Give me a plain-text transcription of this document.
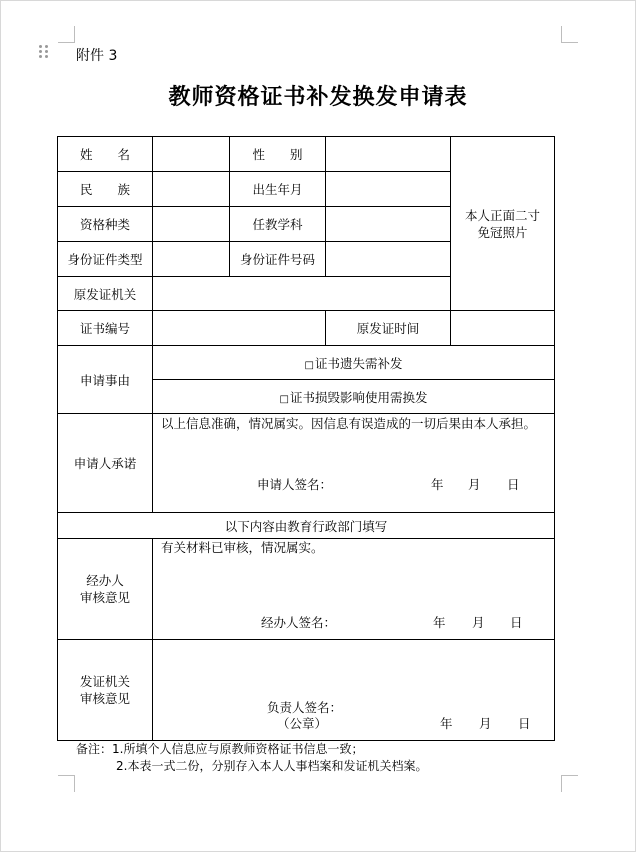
附件 3
教师资格证书补发换发申请表
姓　　名		性　　别		本人正面二寸
免冠照片

民　　族		出生年月		
资格种类		任教学科		
身份证件类型		身份证件号码		
原发证机关				
证书编号			原发证时间	
申请事由	□证书遗失需补发			
	□证书损毁影响使用需换发			
申请人承诺	以上信息准确，情况属实。因信息有误造成的一切后果由本人承担。
申请人签名： 年 月 日			

以下内容由教育行政部门填写				

经办人
审核意见	有关材料已审核，情况属实。
经办人签名： 年 月 日			

发证机关
审核意见	负责人签名：
（公章） 年 月 日			
备注：1.所填个人信息应与原教师资格证书信息一致；
2.本表一式二份，分别存入本人人事档案和发证机关档案。
